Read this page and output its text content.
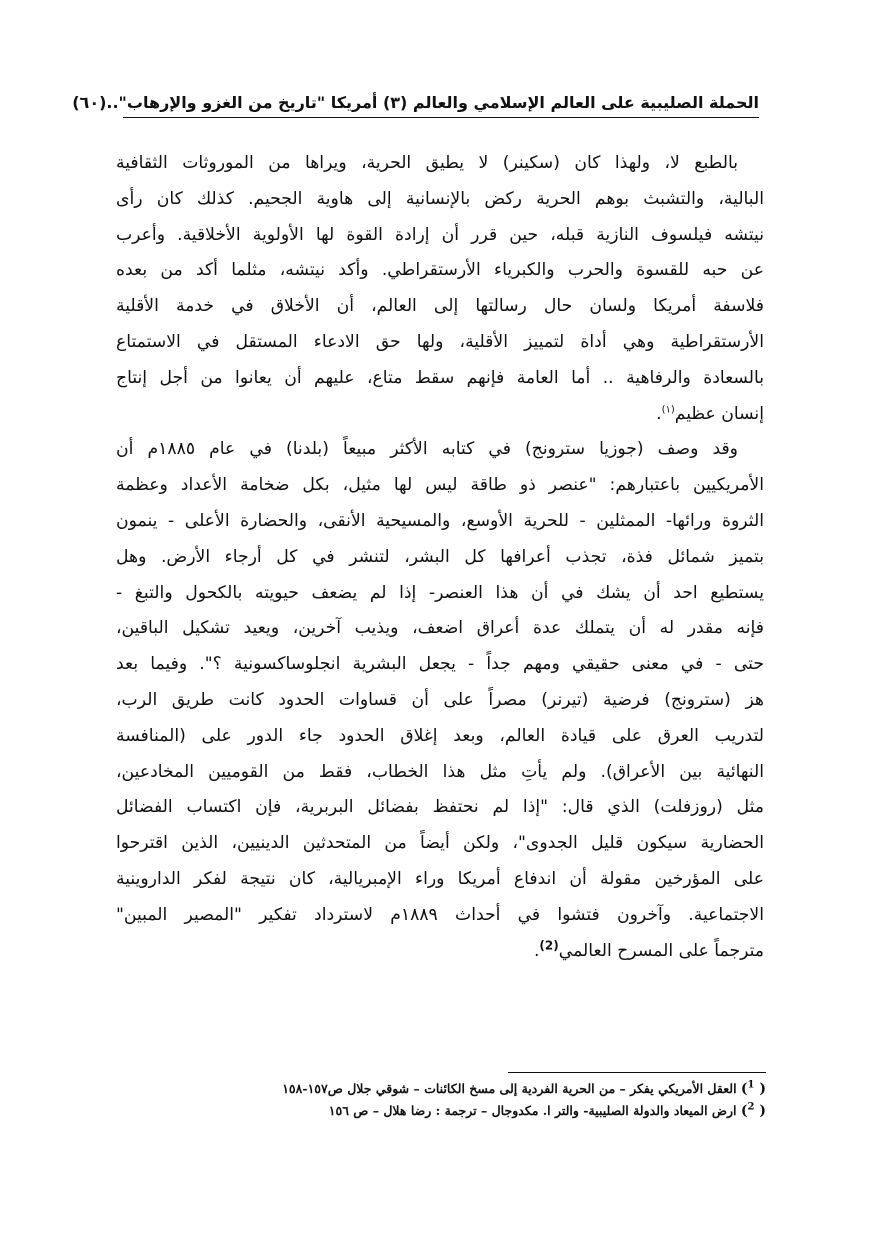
الحملة الصليبية على العالم الإسلامي والعالم (٣) أمريكا "تاريخ من الغزو والإرهاب"..
(٦٠)
بالطبع لا، ولهذا كان (سكينر) لا يطيق الحرية، ويراها من الموروثات الثقافية
البالية، والتشبث بوهم الحرية ركض بالإنسانية إلى هاوية الجحيم. كذلك كان رأى
نيتشه فيلسوف النازية قبله، حين قرر أن إرادة القوة لها الأولوية الأخلاقية. وأعرب
عن حبه للقسوة والحرب والكبرياء الأرستقراطي. وأكد نيتشه، مثلما أكد من بعده
فلاسفة أمريكا ولسان حال رسالتها إلى العالم، أن الأخلاق في خدمة الأقلية
الأرستقراطية وهي أداة لتمييز الأقلية، ولها حق الادعاء المستقل في الاستمتاع
بالسعادة والرفاهية .. أما العامة فإنهم سقط متاع، عليهم أن يعانوا من أجل إنتاج
إنسان عظيم$^{(١)}$.
وقد وصف (جوزيا سترونج) في كتابه الأكثر مبيعاً (بلدنا) في عام ١٨٨٥م أن
الأمريكيين باعتبارهم: "عنصر ذو طاقة ليس لها مثيل، بكل ضخامة الأعداد وعظمة
الثروة ورائها- الممثلين - للحرية الأوسع، والمسيحية الأنقى، والحضارة الأعلى - ينمون
بتميز شمائل فذة، تجذب أعرافها كل البشر، لتنشر في كل أرجاء الأرض. وهل
يستطيع احد أن يشك في أن هذا العنصر- إذا لم يضعف حيويته بالكحول والتبغ -
فإنه مقدر له أن يتملك عدة أعراق اضعف، ويذيب آخرين، ويعيد تشكيل الباقين،
حتى - في معنى حقيقي ومهم جداً - يجعل البشرية انجلوساكسونية ؟". وفيما بعد
هز (سترونج) فرضية (تيرنر) مصراً على أن قساوات الحدود كانت طريق الرب،
لتدريب العرق على قيادة العالم، وبعد إغلاق الحدود جاء الدور على (المنافسة
النهائية بين الأعراق). ولم يأتِ مثل هذا الخطاب، فقط من القوميين المخادعين،
مثل (روزفلت) الذي قال: "إذا لم نحتفظ بفضائل البربرية، فإن اكتساب الفضائل
الحضارية سيكون قليل الجدوى"، ولكن أيضاً من المتحدثين الدينيين، الذين اقترحوا
على المؤرخين مقولة أن اندفاع أمريكا وراء الإمبريالية، كان نتيجة لفكر الداروينية
الاجتماعية. وآخرون فتشوا في أحداث ١٨٨٩م لاسترداد تفكير "المصير المبين"
مترجماً على المسرح العالمي$^{(2)}$.
( $^1$) العقل الأمريكي يفكر – من الحرية الفردية إلى مسخ الكائنات – شوقي جلال ص١٥٧-١٥٨
( $^2$) ارض الميعاد والدولة الصليبية- والتر ا. مكدوجال – ترجمة : رضا هلال – ص ١٥٦
